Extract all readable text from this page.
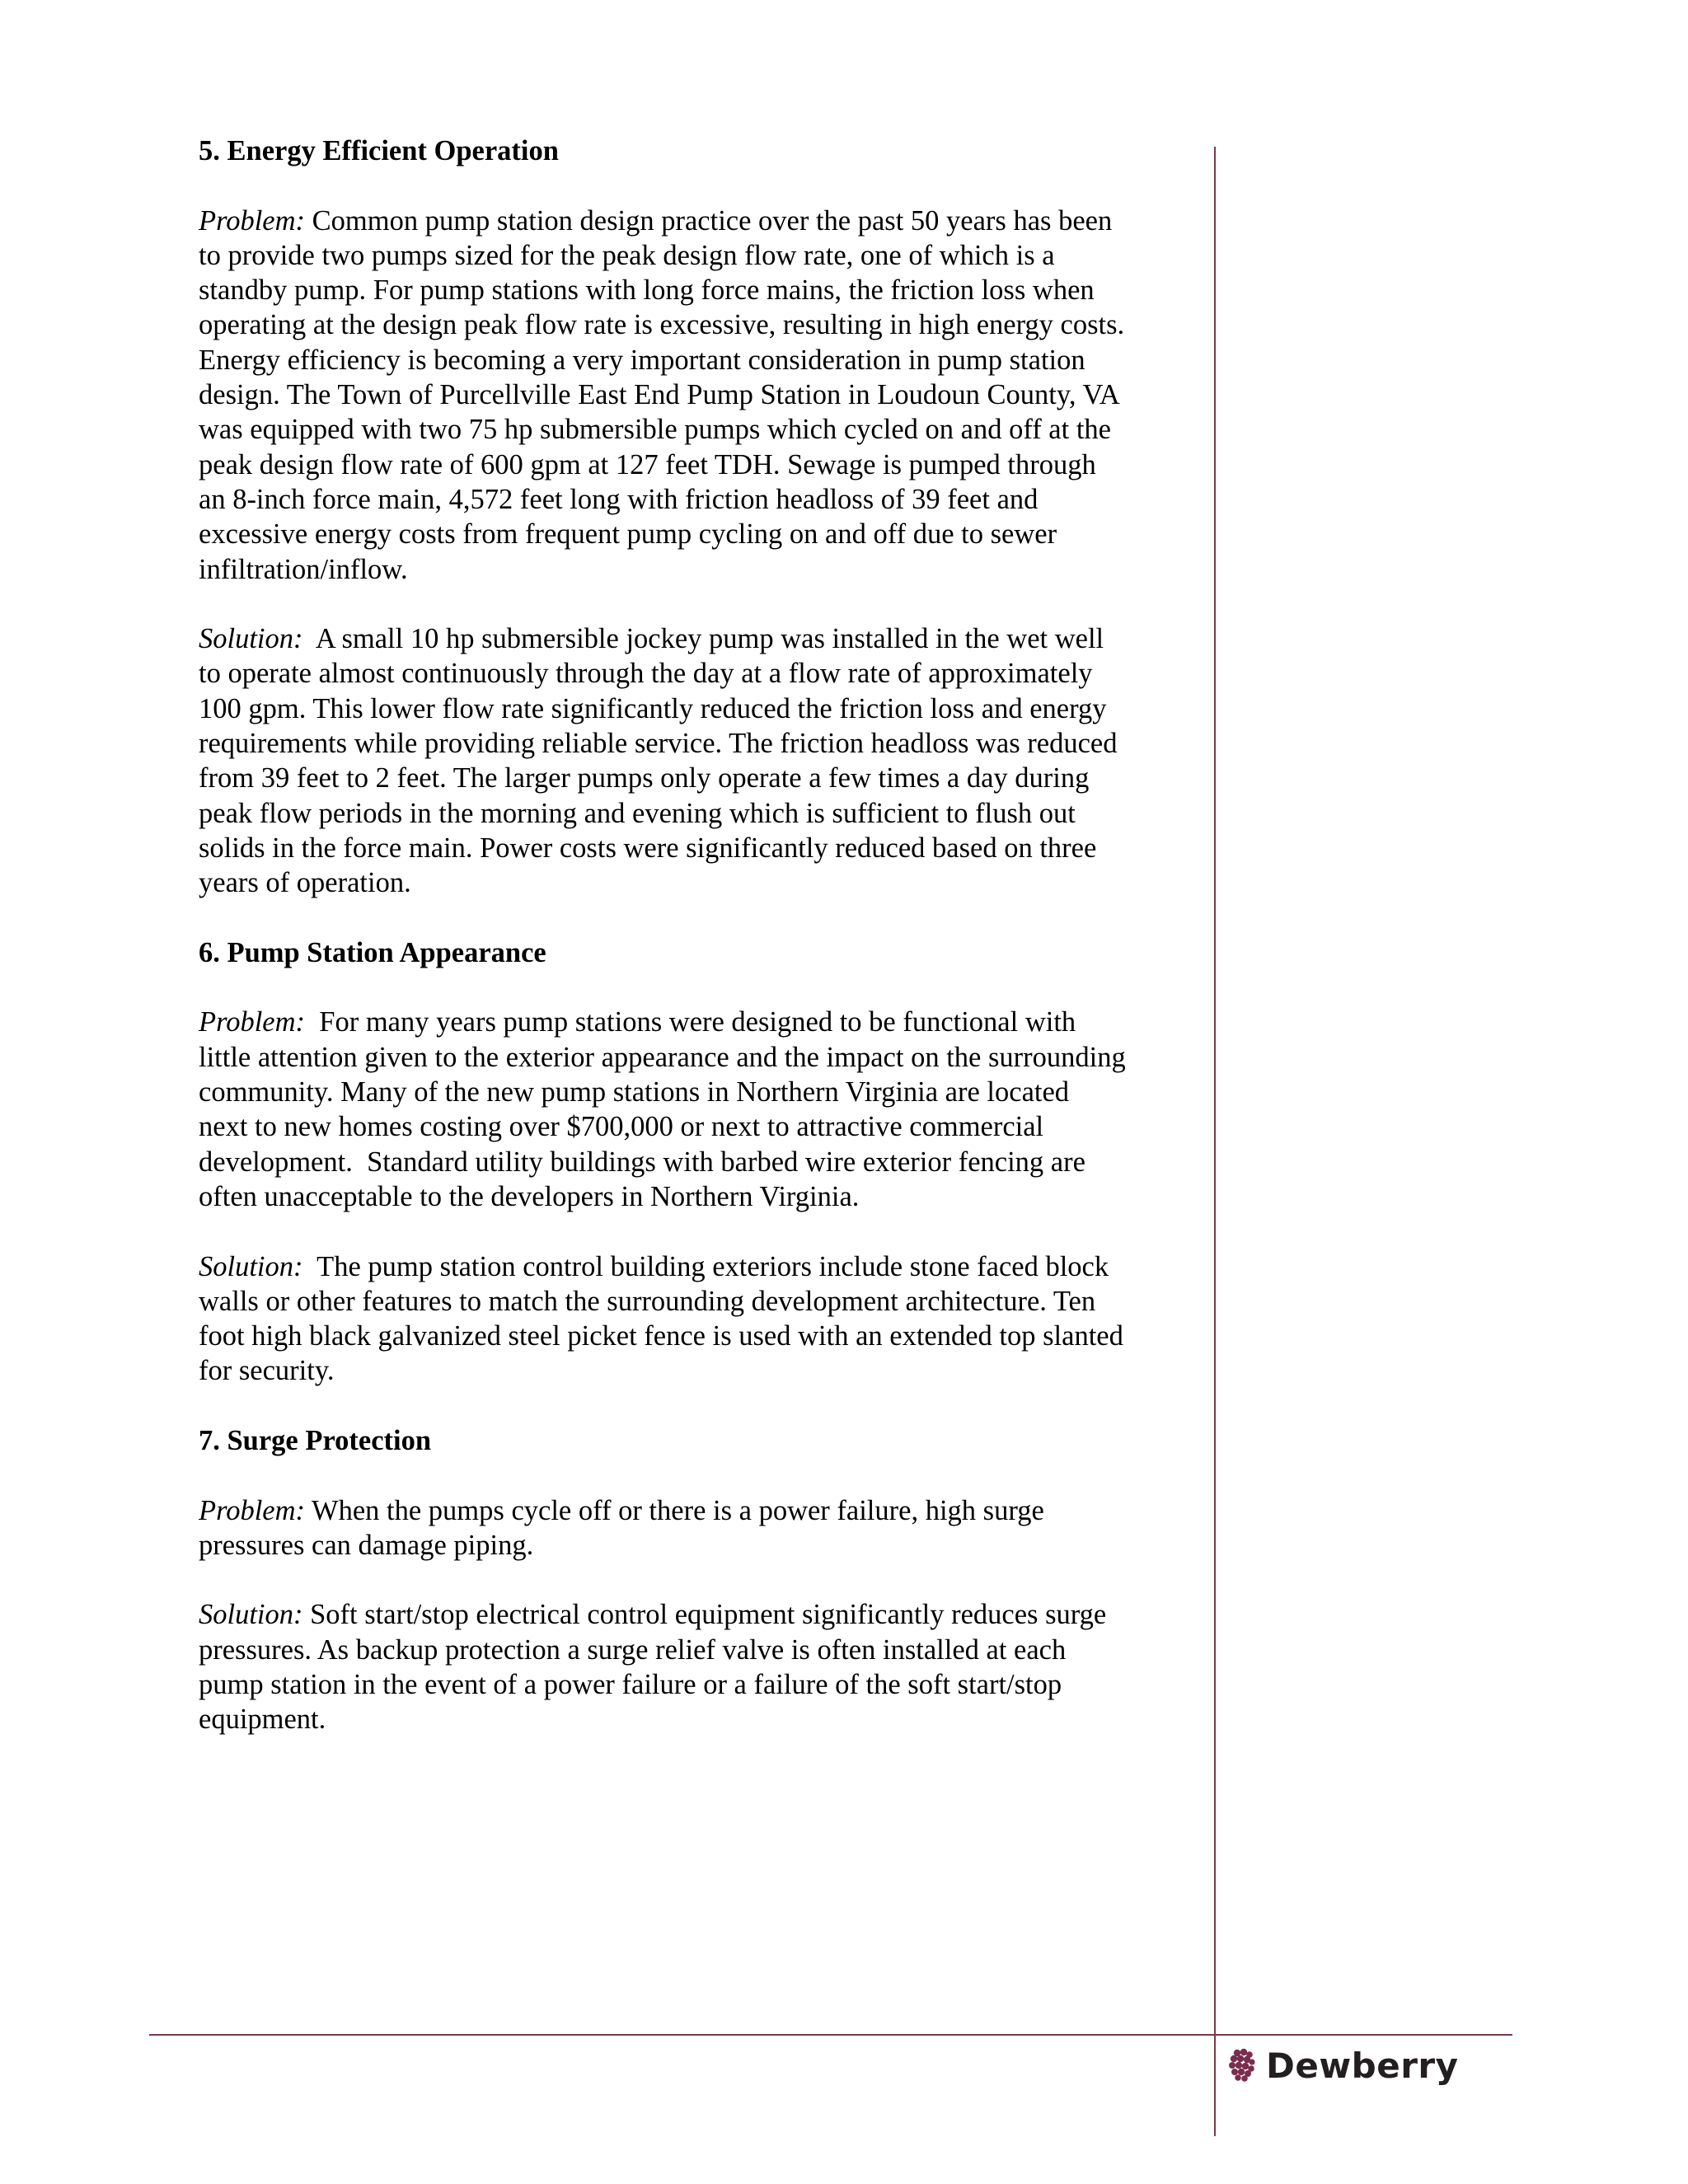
5. Energy Efficient Operation
Problem: Common pump station design practice over the past 50 years has been
to provide two pumps sized for the peak design flow rate, one of which is a
standby pump. For pump stations with long force mains, the friction loss when
operating at the design peak flow rate is excessive, resulting in high energy costs.
Energy efficiency is becoming a very important consideration in pump station
design. The Town of Purcellville East End Pump Station in Loudoun County, VA
was equipped with two 75 hp submersible pumps which cycled on and off at the
peak design flow rate of 600 gpm at 127 feet TDH. Sewage is pumped through
an 8-inch force main, 4,572 feet long with friction headloss of 39 feet and
excessive energy costs from frequent pump cycling on and off due to sewer
infiltration/inflow.
Solution:  A small 10 hp submersible jockey pump was installed in the wet well
to operate almost continuously through the day at a flow rate of approximately
100 gpm. This lower flow rate significantly reduced the friction loss and energy
requirements while providing reliable service. The friction headloss was reduced
from 39 feet to 2 feet. The larger pumps only operate a few times a day during
peak flow periods in the morning and evening which is sufficient to flush out
solids in the force main. Power costs were significantly reduced based on three
years of operation.
6. Pump Station Appearance
Problem:  For many years pump stations were designed to be functional with
little attention given to the exterior appearance and the impact on the surrounding
community. Many of the new pump stations in Northern Virginia are located
next to new homes costing over $700,000 or next to attractive commercial
development.  Standard utility buildings with barbed wire exterior fencing are
often unacceptable to the developers in Northern Virginia.
Solution:  The pump station control building exteriors include stone faced block
walls or other features to match the surrounding development architecture. Ten
foot high black galvanized steel picket fence is used with an extended top slanted
for security.
7. Surge Protection
Problem: When the pumps cycle off or there is a power failure, high surge
pressures can damage piping.
Solution: Soft start/stop electrical control equipment significantly reduces surge
pressures. As backup protection a surge relief valve is often installed at each
pump station in the event of a power failure or a failure of the soft start/stop
equipment.
Dewberry
